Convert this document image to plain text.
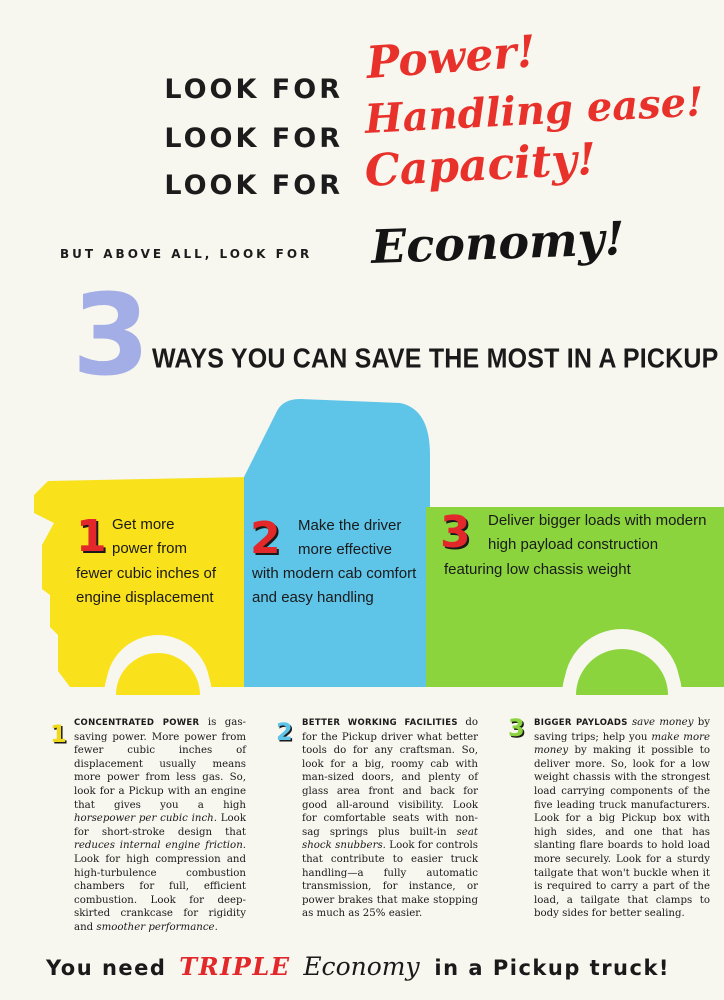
LOOK FOR
LOOK FOR
LOOK FOR
Power!
Handling ease!
Capacity!
BUT ABOVE ALL, LOOK FOR	Economy!
3 WAYS YOU CAN SAVE THE MOST IN A PICKUP
1 Get more
power from
fewer cubic inches of
engine displacement
2 Make the driver
more effective
with modern cab comfort
and easy handling
3 Deliver bigger loads with modern
high payload construction
featuring low chassis weight
1 CONCENTRATED POWER is gas-saving power. More power from fewer cubic inches of displacement usually means more power from less gas. So, look for a Pickup with an engine that gives you a high horsepower per cubic inch. Look for short-stroke design that reduces internal engine friction. Look for high compression and high-turbulence combustion chambers for full, efficient combustion. Look for deep-skirted crankcase for rigidity and smoother performance.
2 BETTER WORKING FACILITIES do for the Pickup driver what better tools do for any craftsman. So, look for a big, roomy cab with man-sized doors, and plenty of glass area front and back for good all-around visibility. Look for comfortable seats with non-sag springs plus built-in seat shock snubbers. Look for controls that contribute to easier truck handling—a fully automatic transmission, for instance, or power brakes that make stopping as much as 25% easier.
3 BIGGER PAYLOADS save money by saving trips; help you make more money by making it possible to deliver more. So, look for a low weight chassis with the strongest load carrying components of the five leading truck manufacturers. Look for a big Pickup box with high sides, and one that has slanting flare boards to hold load more securely. Look for a sturdy tailgate that won't buckle when it is required to carry a part of the load, a tailgate that clamps to body sides for better sealing.
You need TRIPLE Economy in a Pickup truck!
